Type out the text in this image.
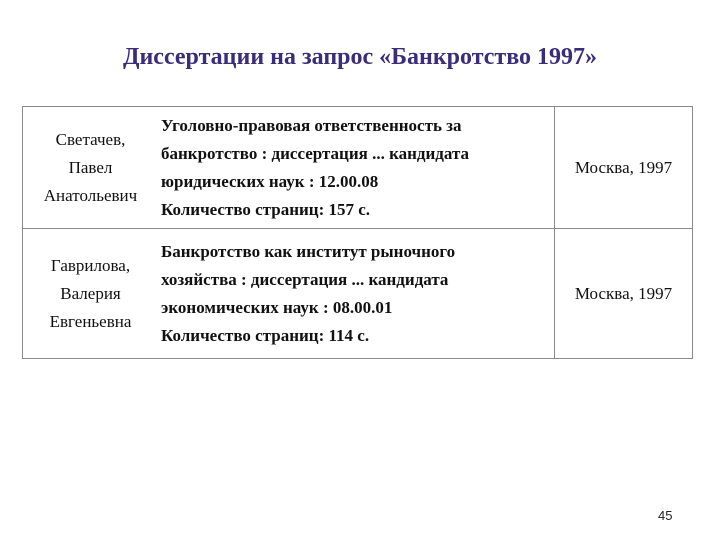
Диссертации на запрос «Банкротство 1997»
Светачев,
Павел
Анатольевич	Уголовно-правовая ответственность за
банкротство : диссертация ... кандидата
юридических наук : 12.00.08
Количество страниц: 157 с.	Москва, 1997

Гаврилова,
Валерия
Евгеньевна	Банкротство как институт рыночного
хозяйства : диссертация ... кандидата
экономических наук : 08.00.01
Количество страниц: 114 с.	Москва, 1997
45
